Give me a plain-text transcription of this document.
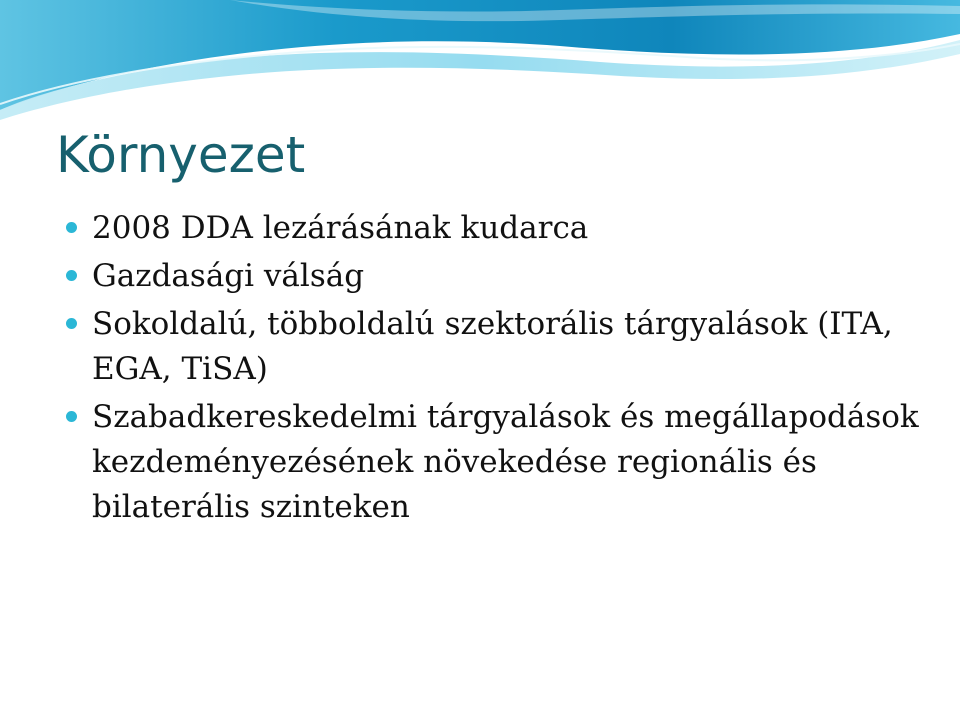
Környezet
2008 DDA lezárásának kudarca
Gazdasági válság
Sokoldalú, többoldalú szektorális tárgyalások (ITA, EGA, TiSA)
Szabadkereskedelmi tárgyalások és megállapodások kezdeményezésének növekedése regionális és bilaterális szinteken
